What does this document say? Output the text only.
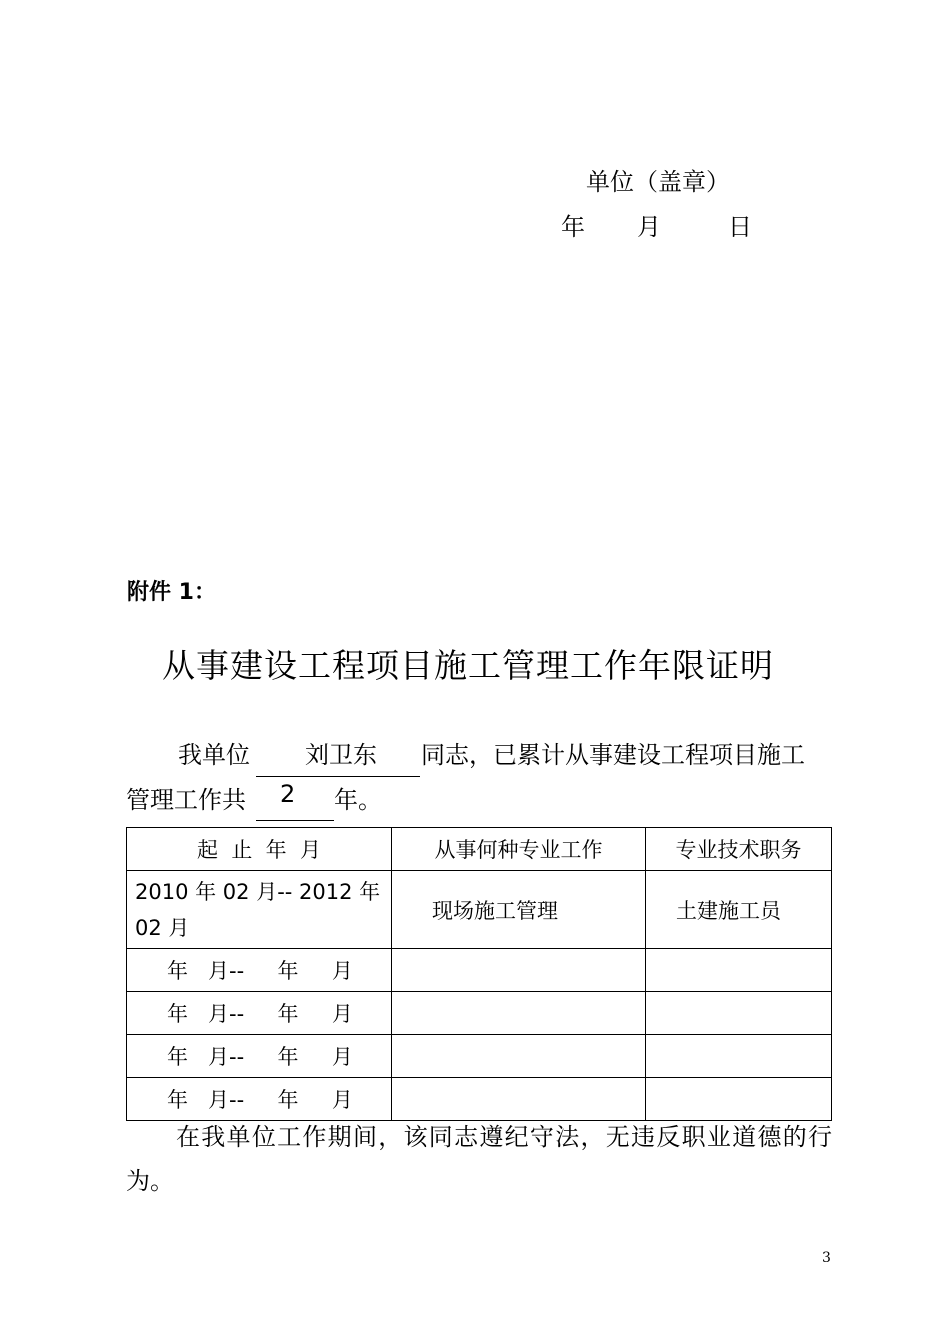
单位（盖章）
年 月	日
附件 1：
从事建设工程项目施工管理工作年限证明
我单位 刘卫东 同志，已累计从事建设工程项目施工
管理工作共 2 年。
起  止  年  月	从事何种专业工作	专业技术职务
2010 年 02 月-- 2012 年 02 月	现场施工管理	土建施工员
年   月--     年     月		
年   月--     年     月		
年   月--     年     月		
年   月--     年     月		
在我单位工作期间，该同志遵纪守法，无违反职业道德的行为。
3
